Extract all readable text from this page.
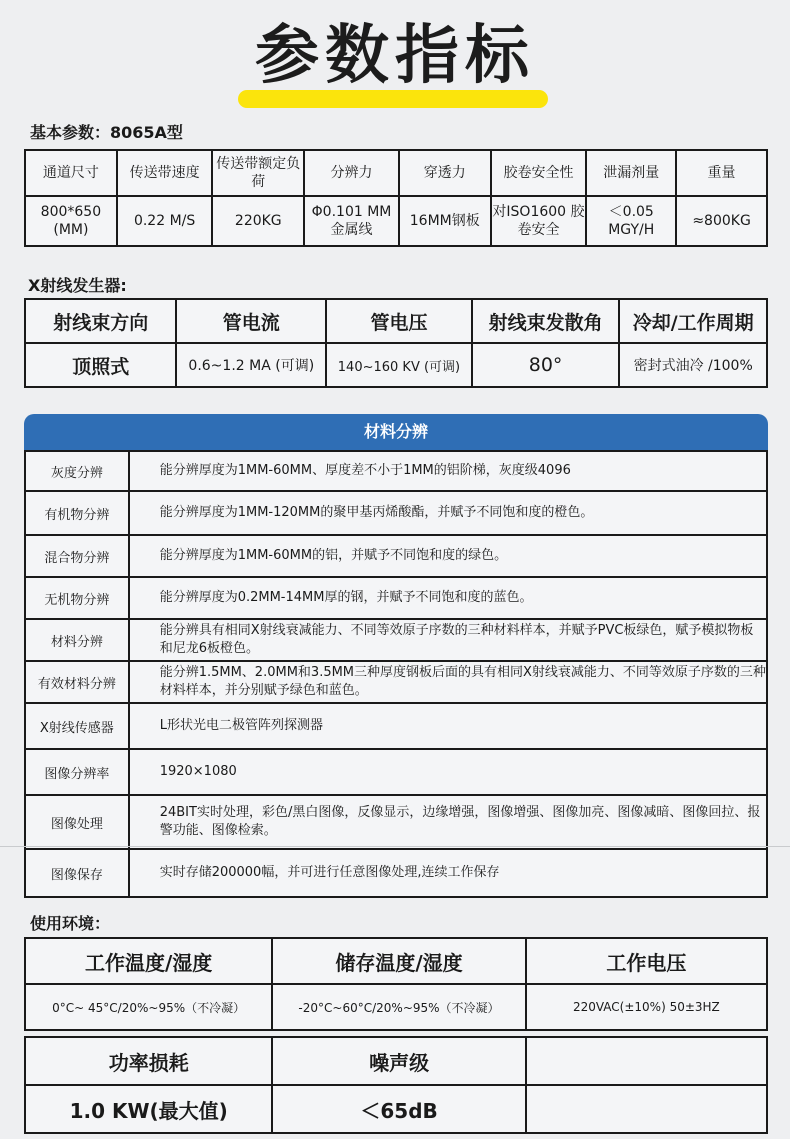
参数指标
基本参数：8065A型
通道尺寸	传送带速度	传送带额定负荷	分辨力	穿透力	胶卷安全性	泄漏剂量	重量
800*650 (MM)	0.22 M/S	220KG	Φ0.101 MM金属线	16MM钢板	对ISO1600 胶卷安全	＜0.05 MGY/H	≈800KG
X射线发生器:
射线束方向	管电流	管电压	射线束发散角	冷却/工作周期
顶照式	0.6~1.2 MA (可调)	140~160 KV (可调)	80°	密封式油冷 /100%
材料分辨
灰度分辨	能分辨厚度为1MM-60MM、厚度差不小于1MM的铝阶梯，灰度级4096
有机物分辨	能分辨厚度为1MM-120MM的聚甲基丙烯酸酯，并赋予不同饱和度的橙色。
混合物分辨	能分辨厚度为1MM-60MM的铝，并赋予不同饱和度的绿色。
无机物分辨	能分辨厚度为0.2MM-14MM厚的钢，并赋予不同饱和度的蓝色。
材料分辨	能分辨具有相同X射线衰减能力、不同等效原子序数的三种材料样本，并赋予PVC板绿色，赋予模拟物板和尼龙6板橙色。
有效材料分辨	能分辨1.5MM、2.0MM和3.5MM三种厚度钢板后面的具有相同X射线衰减能力、不同等效原子序数的三种材料样本，并分别赋予绿色和蓝色。
X射线传感器	L形状光电二极管阵列探测器
图像分辨率	1920×1080
图像处理	24BIT实时处理，彩色/黑白图像，反像显示，边缘增强，图像增强、图像加亮、图像减暗、图像回拉、报警功能、图像检索。
图像保存	实时存储200000幅，并可进行任意图像处理,连续工作保存
使用环境：
工作温度/湿度	储存温度/湿度	工作电压
0°C~ 45°C/20%~95%（不冷凝）	-20°C~60°C/20%~95%（不冷凝）	220VAC(±10%) 50±3HZ
功率损耗	噪声级	
1.0 KW(最大值)	＜65dB	
